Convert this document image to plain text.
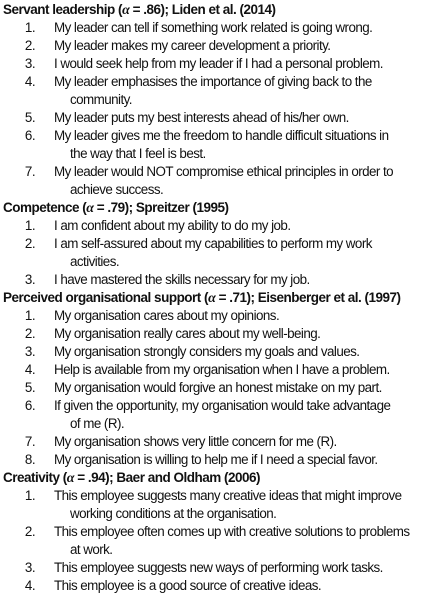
Servant leadership (α = .86); Liden et al. (2014)
1. My leader can tell if something work related is going wrong.
2. My leader makes my career development a priority.
3. I would seek help from my leader if I had a personal problem.
4. My leader emphasises the importance of giving back to the
community.
5. My leader puts my best interests ahead of his/her own.
6. My leader gives me the freedom to handle difficult situations in
the way that I feel is best.
7. My leader would NOT compromise ethical principles in order to
achieve success.
Competence (α = .79); Spreitzer (1995)
1. I am confident about my ability to do my job.
2. I am self-assured about my capabilities to perform my work
activities.
3. I have mastered the skills necessary for my job.
Perceived organisational support (α = .71); Eisenberger et al. (1997)
1. My organisation cares about my opinions.
2. My organisation really cares about my well-being.
3. My organisation strongly considers my goals and values.
4. Help is available from my organisation when I have a problem.
5. My organisation would forgive an honest mistake on my part.
6. If given the opportunity, my organisation would take advantage
of me (R).
7. My organisation shows very little concern for me (R).
8. My organisation is willing to help me if I need a special favor.
Creativity (α = .94); Baer and Oldham (2006)
1. This employee suggests many creative ideas that might improve
working conditions at the organisation.
2. This employee often comes up with creative solutions to problems
at work.
3. This employee suggests new ways of performing work tasks.
4. This employee is a good source of creative ideas.
